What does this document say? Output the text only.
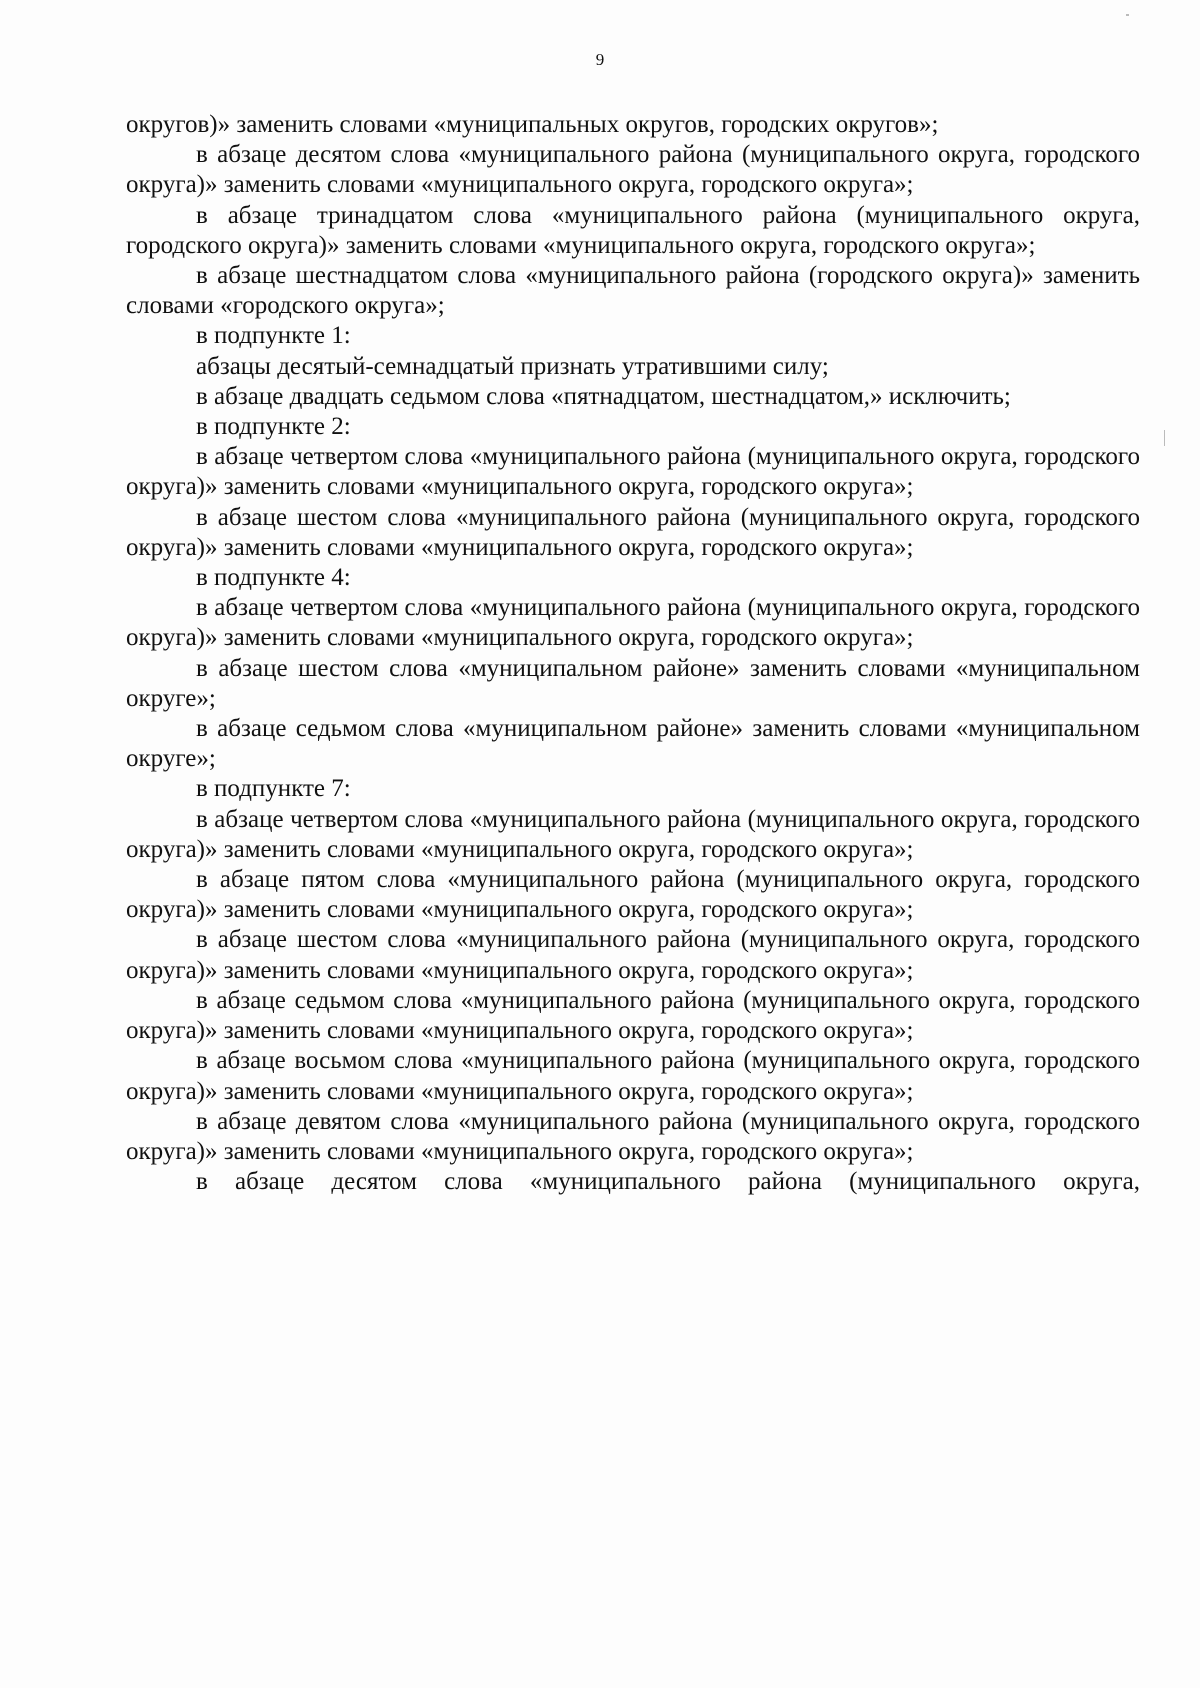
9

округов)» заменить словами «муниципальных округов, городских округов»;

в абзаце десятом слова «муниципального района (муниципального округа, городского округа)» заменить словами «муниципального округа, городского округа»;

в абзаце тринадцатом слова «муниципального района (муниципального округа, городского округа)» заменить словами «муниципального округа, городского округа»;

в абзаце шестнадцатом слова «муниципального района (городского округа)» заменить словами «городского округа»;

в подпункте 1:

абзацы десятый-семнадцатый признать утратившими силу;

в абзаце двадцать седьмом слова «пятнадцатом, шестнадцатом,» исключить;

в подпункте 2:

в абзаце четвертом слова «муниципального района (муниципального округа, городского округа)» заменить словами «муниципального округа, городского округа»;

в абзаце шестом слова «муниципального района (муниципального округа, городского округа)» заменить словами «муниципального округа, городского округа»;

в подпункте 4:

в абзаце четвертом слова «муниципального района (муниципального округа, городского округа)» заменить словами «муниципального округа, городского округа»;

в абзаце шестом слова «муниципальном районе» заменить словами «муниципальном округе»;

в абзаце седьмом слова «муниципальном районе» заменить словами «муниципальном округе»;

в подпункте 7:

в абзаце четвертом слова «муниципального района (муниципального округа, городского округа)» заменить словами «муниципального округа, городского округа»;

в абзаце пятом слова «муниципального района (муниципального округа, городского округа)» заменить словами «муниципального округа, городского округа»;

в абзаце шестом слова «муниципального района (муниципального округа, городского округа)» заменить словами «муниципального округа, городского округа»;

в абзаце седьмом слова «муниципального района (муниципального округа, городского округа)» заменить словами «муниципального округа, городского округа»;

в абзаце восьмом слова «муниципального района (муниципального округа, городского округа)» заменить словами «муниципального округа, городского округа»;

в абзаце девятом слова «муниципального района (муниципального округа, городского округа)» заменить словами «муниципального округа, городского округа»;

в абзаце десятом слова «муниципального района (муниципального округа,
